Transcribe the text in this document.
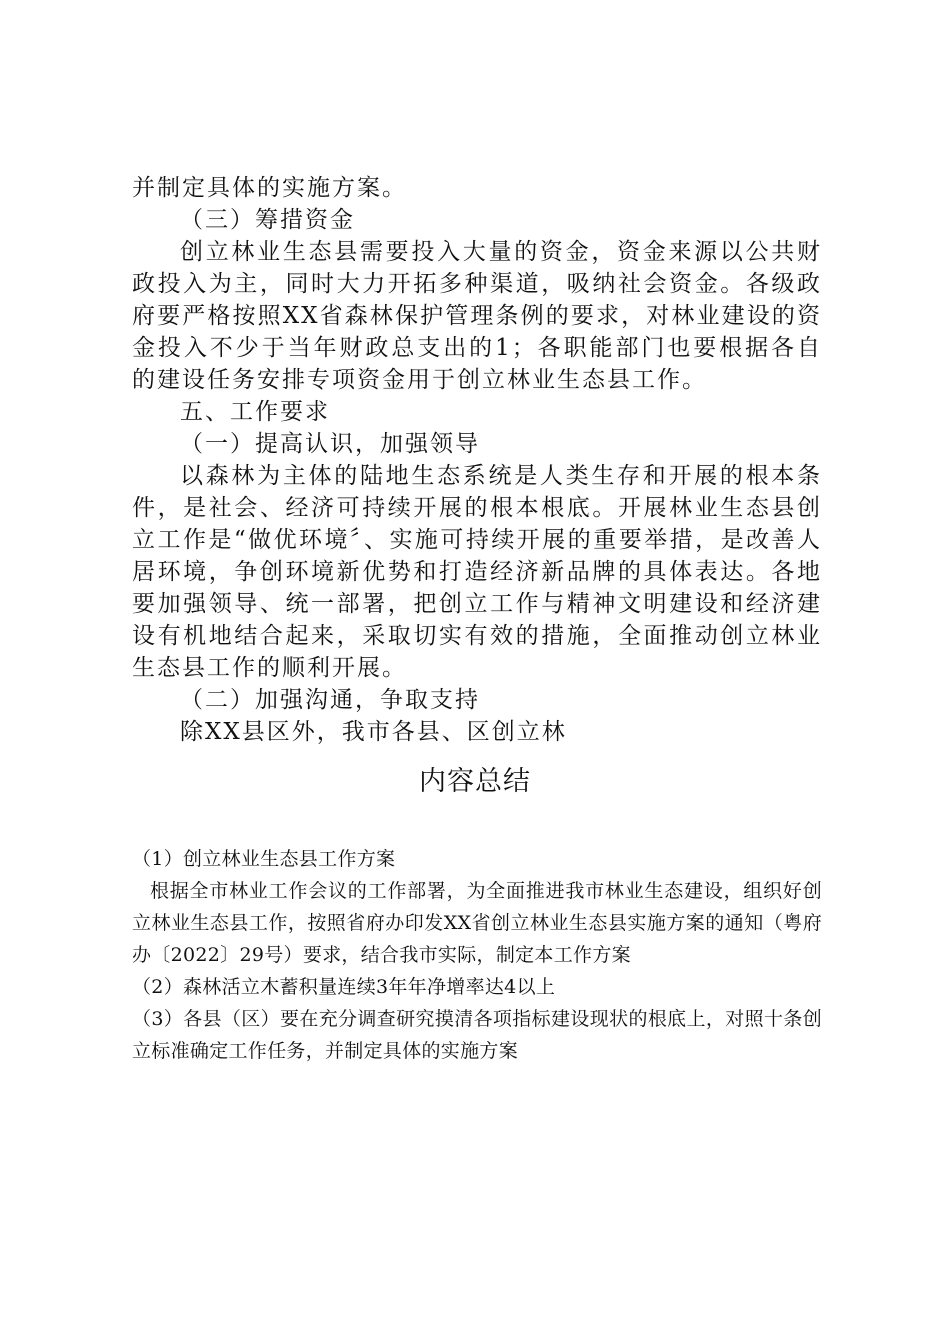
并制定具体的实施方案。

（三）筹措资金

创立林业生态县需要投入大量的资金，资金来源以公共财政投入为主，同时大力开拓多种渠道，吸纳社会资金。各级政府要严格按照XX省森林保护管理条例的要求，对林业建设的资金投入不少于当年财政总支出的1；各职能部门也要根据各自的建设任务安排专项资金用于创立林业生态县工作。

五、工作要求

（一）提高认识，加强领导

以森林为主体的陆地生态系统是人类生存和开展的根本条件，是社会、经济可持续开展的根本根底。开展林业生态县创立工作是“做优环境〞、实施可持续开展的重要举措，是改善人居环境，争创环境新优势和打造经济新品牌的具体表达。各地要加强领导、统一部署，把创立工作与精神文明建设和经济建设有机地结合起来，采取切实有效的措施，全面推动创立林业生态县工作的顺利开展。

（二）加强沟通，争取支持

除XX县区外，我市各县、区创立林

内容总结

（1）创立林业生态县工作方案

根据全市林业工作会议的工作部署，为全面推进我市林业生态建设，组织好创立林业生态县工作，按照省府办印发XX省创立林业生态县实施方案的通知（粤府办〔2022〕29号）要求，结合我市实际，制定本工作方案

（2）森林活立木蓄积量连续3年年净增率达4以上

（3）各县（区）要在充分调查研究摸清各项指标建设现状的根底上，对照十条创立标准确定工作任务，并制定具体的实施方案
